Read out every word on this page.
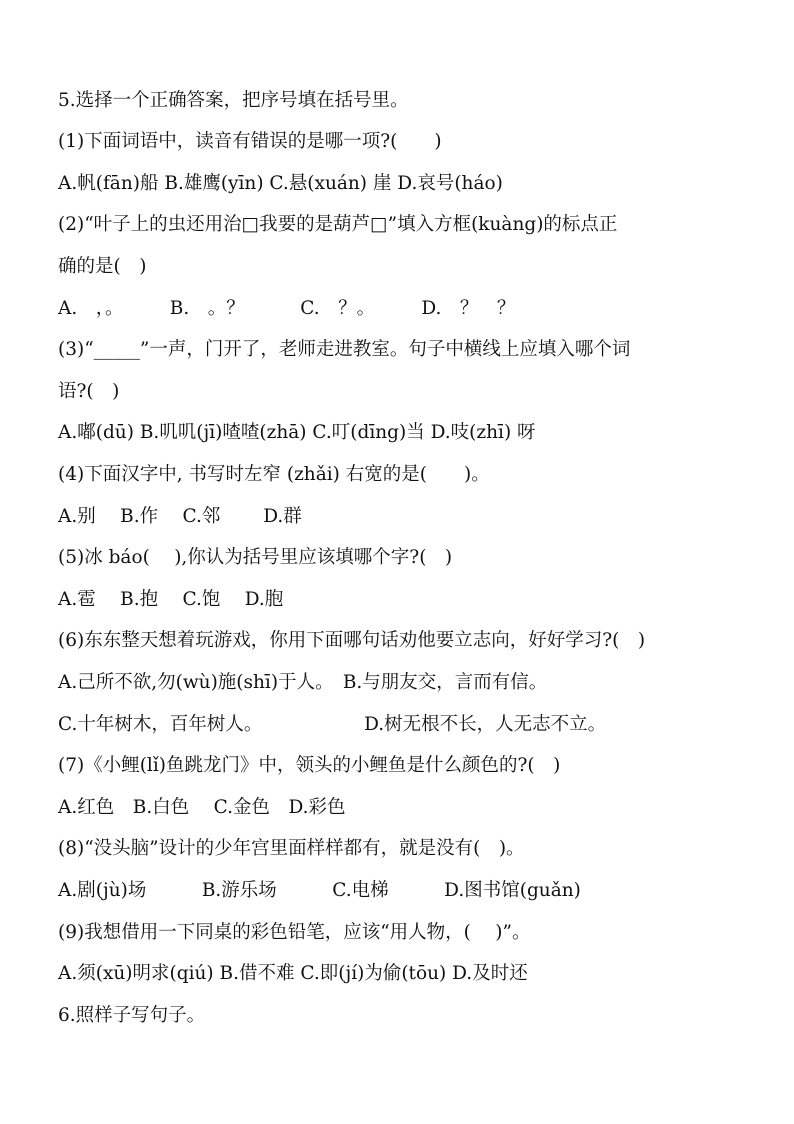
5.选择一个正确答案，把序号填在括号里。
(1)下面词语中，读音有错误的是哪一项?(　　)
A.帆(fān)船 B.雄鹰(yīn) C.悬(xuán) 崖 D.哀号(háo)
(2)“叶子上的虫还用治□我要的是葫芦□”填入方框(kuàng)的标点正
确的是(　)
A.　，。　　　B.　。？　　　C.　？。　　　D.　？　？
(3)“_____”一声，门开了，老师走进教室。句子中横线上应填入哪个词
语?(　)
A.嘟(dū) B.叽叽(jī)喳喳(zhā) C.叮(dīng)当 D.吱(zhī) 呀
(4)下面汉字中, 书写时左窄 (zhǎi) 右宽的是(　　)。
A.别　 B.作　 C.邻　　 D.群
(5)冰 báo(　 ),你认为括号里应该填哪个字?(　)
A.雹　 B.抱　 C.饱　 D.胞
(6)东东整天想着玩游戏，你用下面哪句话劝他要立志向，好好学习?(　)
A.己所不欲,勿(wù)施(shī)于人。　B.与朋友交，言而有信。
C.十年树木，百年树人。　　　　　　D.树无根不长，人无志不立。
(7)《小鲤(lǐ)鱼跳龙门》中，领头的小鲤鱼是什么颜色的?(　)
A.红色　B.白色　 C.金色　D.彩色
(8)“没头脑”设计的少年宫里面样样都有，就是没有(　)。
A.剧(jù)场　　　B.游乐场　　　C.电梯　　　D.图书馆(guǎn)
(9)我想借用一下同桌的彩色铅笔，应该“用人物，(　 )”。
A.须(xū)明求(qiú) B.借不难 C.即(jí)为偷(tōu) D.及时还
6.照样子写句子。
